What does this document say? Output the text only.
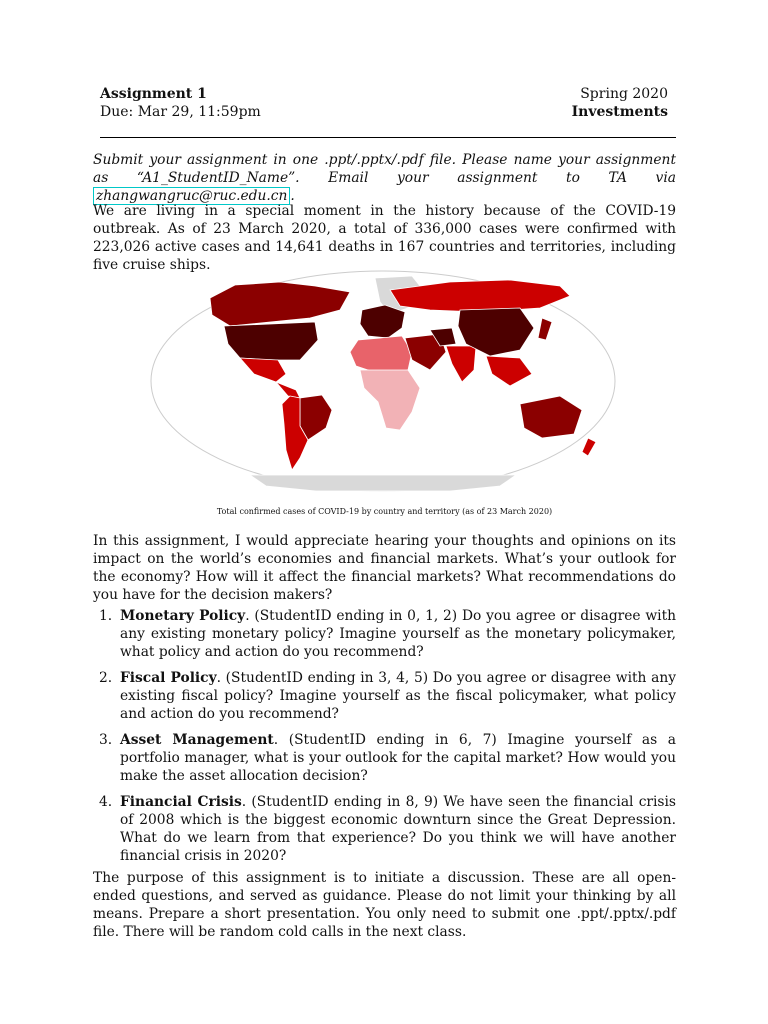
Assignment 1
Due: Mar 29, 11:59pm
Spring 2020
Investments
Submit your assignment in one .ppt/.pptx/.pdf file. Please name your assignment as “A1_StudentID_Name”. Email your assignment to TA via zhangwangruc@ruc.edu.cn .
We are living in a special moment in the history because of the COVID-19 outbreak. As of 23 March 2020, a total of 336,000 cases were confirmed with 223,026 active cases and 14,641 deaths in 167 countries and territories, including five cruise ships.
Total confirmed cases of COVID-19 by country and territory (as of 23 March 2020)
In this assignment, I would appreciate hearing your thoughts and opinions on its impact on the world’s economies and financial markets. What’s your outlook for the economy? How will it affect the financial markets? What recommendations do you have for the decision makers?
1. Monetary Policy. (StudentID ending in 0, 1, 2) Do you agree or disagree with any existing monetary policy? Imagine yourself as the monetary policymaker, what policy and action do you recommend?
2. Fiscal Policy. (StudentID ending in 3, 4, 5) Do you agree or disagree with any existing fiscal policy? Imagine yourself as the fiscal policymaker, what policy and action do you recommend?
3. Asset Management. (StudentID ending in 6, 7) Imagine yourself as a portfolio manager, what is your outlook for the capital market? How would you make the asset allocation decision?
4. Financial Crisis. (StudentID ending in 8, 9) We have seen the financial crisis of 2008 which is the biggest economic downturn since the Great Depression. What do we learn from that experience? Do you think we will have another financial crisis in 2020?
The purpose of this assignment is to initiate a discussion. These are all open-ended questions, and served as guidance. Please do not limit your thinking by all means. Prepare a short presentation. You only need to submit one .ppt/.pptx/.pdf file. There will be random cold calls in the next class.
